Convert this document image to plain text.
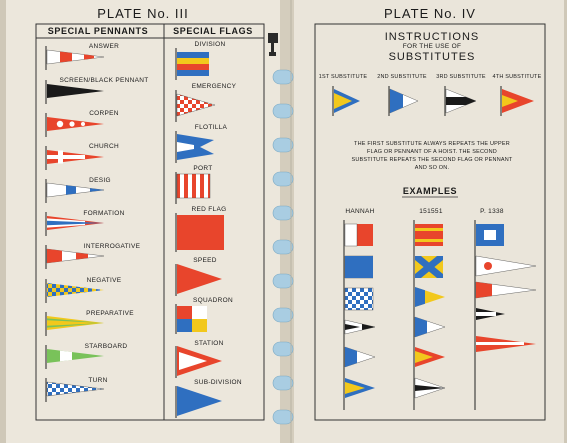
PLATE No. III
SPECIAL PENNANTS	SPECIAL FLAGS
ANSWER
SCREEN/BLACK PENNANT
CORPEN
CHURCH
DESIG
FORMATION
INTERROGATIVE
NEGATIVE
PREPARATIVE
STARBOARD
TURN
DIVISION
EMERGENCY
FLOTILLA
PORT
RED FLAG
SPEED
SQUADRON
STATION
SUB-DIVISION
PLATE No. IV
INSTRUCTIONS
FOR THE USE OF
SUBSTITUTES
1ST SUBSTITUTE 2ND SUBSTITUTE 3RD SUBSTITUTE 4TH SUBSTITUTE
THE FIRST SUBSTITUTE ALWAYS REPEATS THE UPPER
FLAG OR PENNANT OF A HOIST. THE SECOND
SUBSTITUTE REPEATS THE SECOND FLAG OR PENNANT
AND SO ON.
EXAMPLES
HANNAH	151551	P. 1338
